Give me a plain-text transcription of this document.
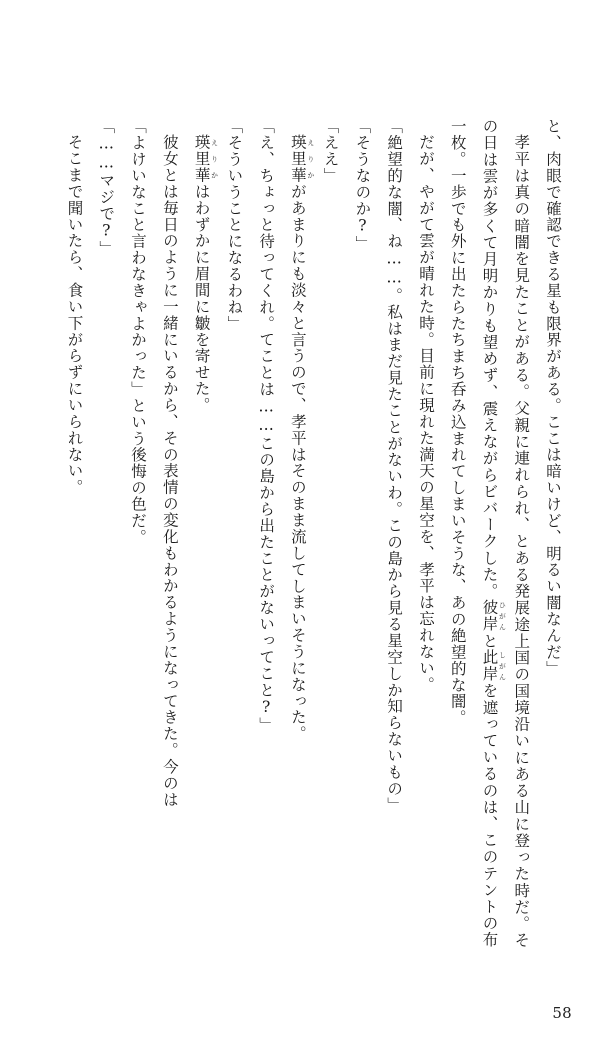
と、肉眼で確認できる星も限界がある。ここは暗いけど、明るい闇なんだ」

孝平は真の暗闇を見たことがある。父親に連れられ、とある発展途上国の国境沿いにある山に登った時だ。その日は雲が多くて月明かりも望めず、震えながらビバークした。彼岸 ひがんと此岸 しがんを遮っているのは、このテントの布一枚。一歩でも外に出たらたちまち呑み込まれてしまいそうな、あの絶望的な闇。

だが、やがて雲が晴れた時。目前に現れた満天の星空を、孝平は忘れない。

「絶望的な闇、ね……。私はまだ見たことがないわ。この島から見る星空しか知らないもの」

「そうなのか?」

「ええ」

瑛里華 えりかがあまりにも淡々と言うので、孝平はそのまま流してしまいそうになった。

「え、ちょっと待ってくれ。てことは……この島から出たことがないってこと?」

「そういうことになるわね」

瑛里華 えりかはわずかに眉間に皺を寄せた。

彼女とは毎日のように一緒にいるから、その表情の変化もわかるようになってきた。今のは

「よけいなこと言わなきゃよかった」という後悔の色だ。

「……マジで?」

そこまで聞いたら、食い下がらずにいられない。

58
